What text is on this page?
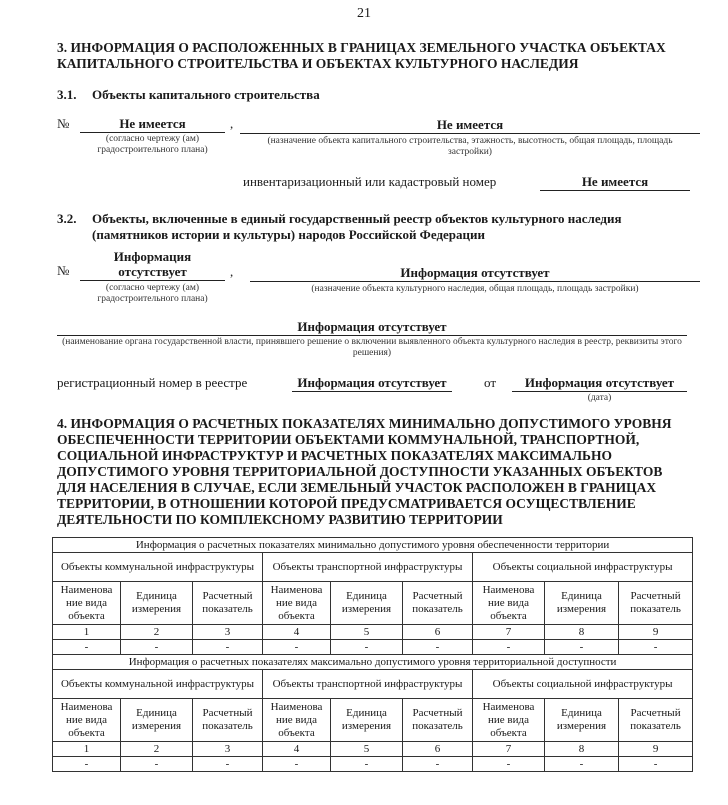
21
3. ИНФОРМАЦИЯ О РАСПОЛОЖЕННЫХ В ГРАНИЦАХ ЗЕМЕЛЬНОГО УЧАСТКА ОБЪЕКТАХ
КАПИТАЛЬНОГО СТРОИТЕЛЬСТВА И ОБЪЕКТАХ КУЛЬТУРНОГО НАСЛЕДИЯ
3.1. Объекты капитального строительства
№	Не имеется	,
(согласно чертежу (ам) градостроительного плана)
Не имеется
(назначение объекта капитального строительства, этажность, высотность, общая площадь, площадь застройки)
инвентаризационный или кадастровый номер	Не имеется
3.2. Объекты, включенные в единый государственный реестр объектов культурного наследия
(памятников истории и культуры) народов Российской Федерации
Информация
№	отсутствует	,
(согласно чертежу (ам) градостроительного плана)
Информация отсутствует
(назначение объекта культурного наследия, общая площадь, площадь застройки)
Информация отсутствует
(наименование органа государственной власти, принявшего решение о включении выявленного объекта культурного наследия в реестр, реквизиты этого решения)
регистрационный номер в реестре	Информация отсутствует	от	Информация отсутствует
(дата)
4. ИНФОРМАЦИЯ О РАСЧЕТНЫХ ПОКАЗАТЕЛЯХ МИНИМАЛЬНО ДОПУСТИМОГО УРОВНЯ
ОБЕСПЕЧЕННОСТИ ТЕРРИТОРИИ ОБЪЕКТАМИ КОММУНАЛЬНОЙ, ТРАНСПОРТНОЙ,
СОЦИАЛЬНОЙ ИНФРАСТРУКТУР И РАСЧЕТНЫХ ПОКАЗАТЕЛЯХ МАКСИМАЛЬНО
ДОПУСТИМОГО УРОВНЯ ТЕРРИТОРИАЛЬНОЙ ДОСТУПНОСТИ УКАЗАННЫХ ОБЪЕКТОВ
ДЛЯ НАСЕЛЕНИЯ В СЛУЧАЕ, ЕСЛИ ЗЕМЕЛЬНЫЙ УЧАСТОК РАСПОЛОЖЕН В ГРАНИЦАХ
ТЕРРИТОРИИ, В ОТНОШЕНИИ КОТОРОЙ ПРЕДУСМАТРИВАЕТСЯ ОСУЩЕСТВЛЕНИЕ
ДЕЯТЕЛЬНОСТИ ПО КОМПЛЕКСНОМУ РАЗВИТИЮ ТЕРРИТОРИИ
Информация о расчетных показателях минимально допустимого уровня обеспеченности территории								
Объекты коммунальной инфраструктуры			Объекты транспортной инфраструктуры			Объекты социальной инфраструктуры		
Наименова ние вида объекта	Единица измерения	Расчетный показатель	Наименова ние вида объекта	Единица измерения	Расчетный показатель	Наименова ние вида объекта	Единица измерения	Расчетный показатель
1	2	3	4	5	6	7	8	9
-	-	-	-	-	-	-	-	-
Информация о расчетных показателях максимально допустимого уровня территориальной доступности								
Объекты коммунальной инфраструктуры			Объекты транспортной инфраструктуры			Объекты социальной инфраструктуры		
Наименова ние вида объекта	Единица измерения	Расчетный показатель	Наименова ние вида объекта	Единица измерения	Расчетный показатель	Наименова ние вида объекта	Единица измерения	Расчетный показатель
1	2	3	4	5	6	7	8	9
-	-	-	-	-	-	-	-	-
